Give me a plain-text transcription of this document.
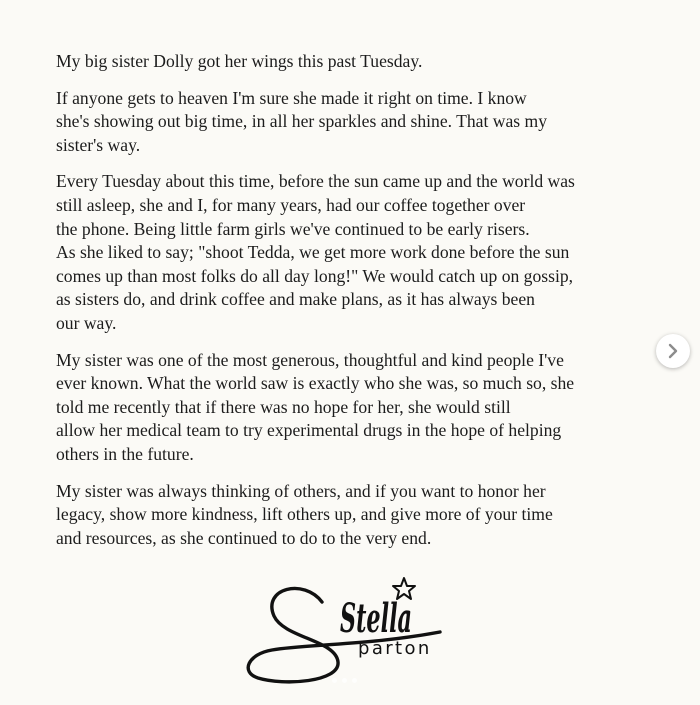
My big sister Dolly got her wings this past Tuesday.

If anyone gets to heaven I'm sure she made it right on time. I know
she's showing out big time, in all her sparkles and shine. That was my
sister's way.

Every Tuesday about this time, before the sun came up and the world was
still asleep, she and I, for many years, had our coffee together over
the phone. Being little farm girls we've continued to be early risers.
As she liked to say; "shoot Tedda, we get more work done before the sun
comes up than most folks do all day long!" We would catch up on gossip,
as sisters do, and drink coffee and make plans, as it has always been
our way.

My sister was one of the most generous, thoughtful and kind people I've
ever known. What the world saw is exactly who she was, so much so, she
told me recently that if there was no hope for her, she would still
allow her medical team to try experimental drugs in the hope of helping
others in the future.

My sister was always thinking of others, and if you want to honor her
legacy, show more kindness, lift others up, and give more of your time
and resources, as she continued to do to the very end.

Stella
parton
